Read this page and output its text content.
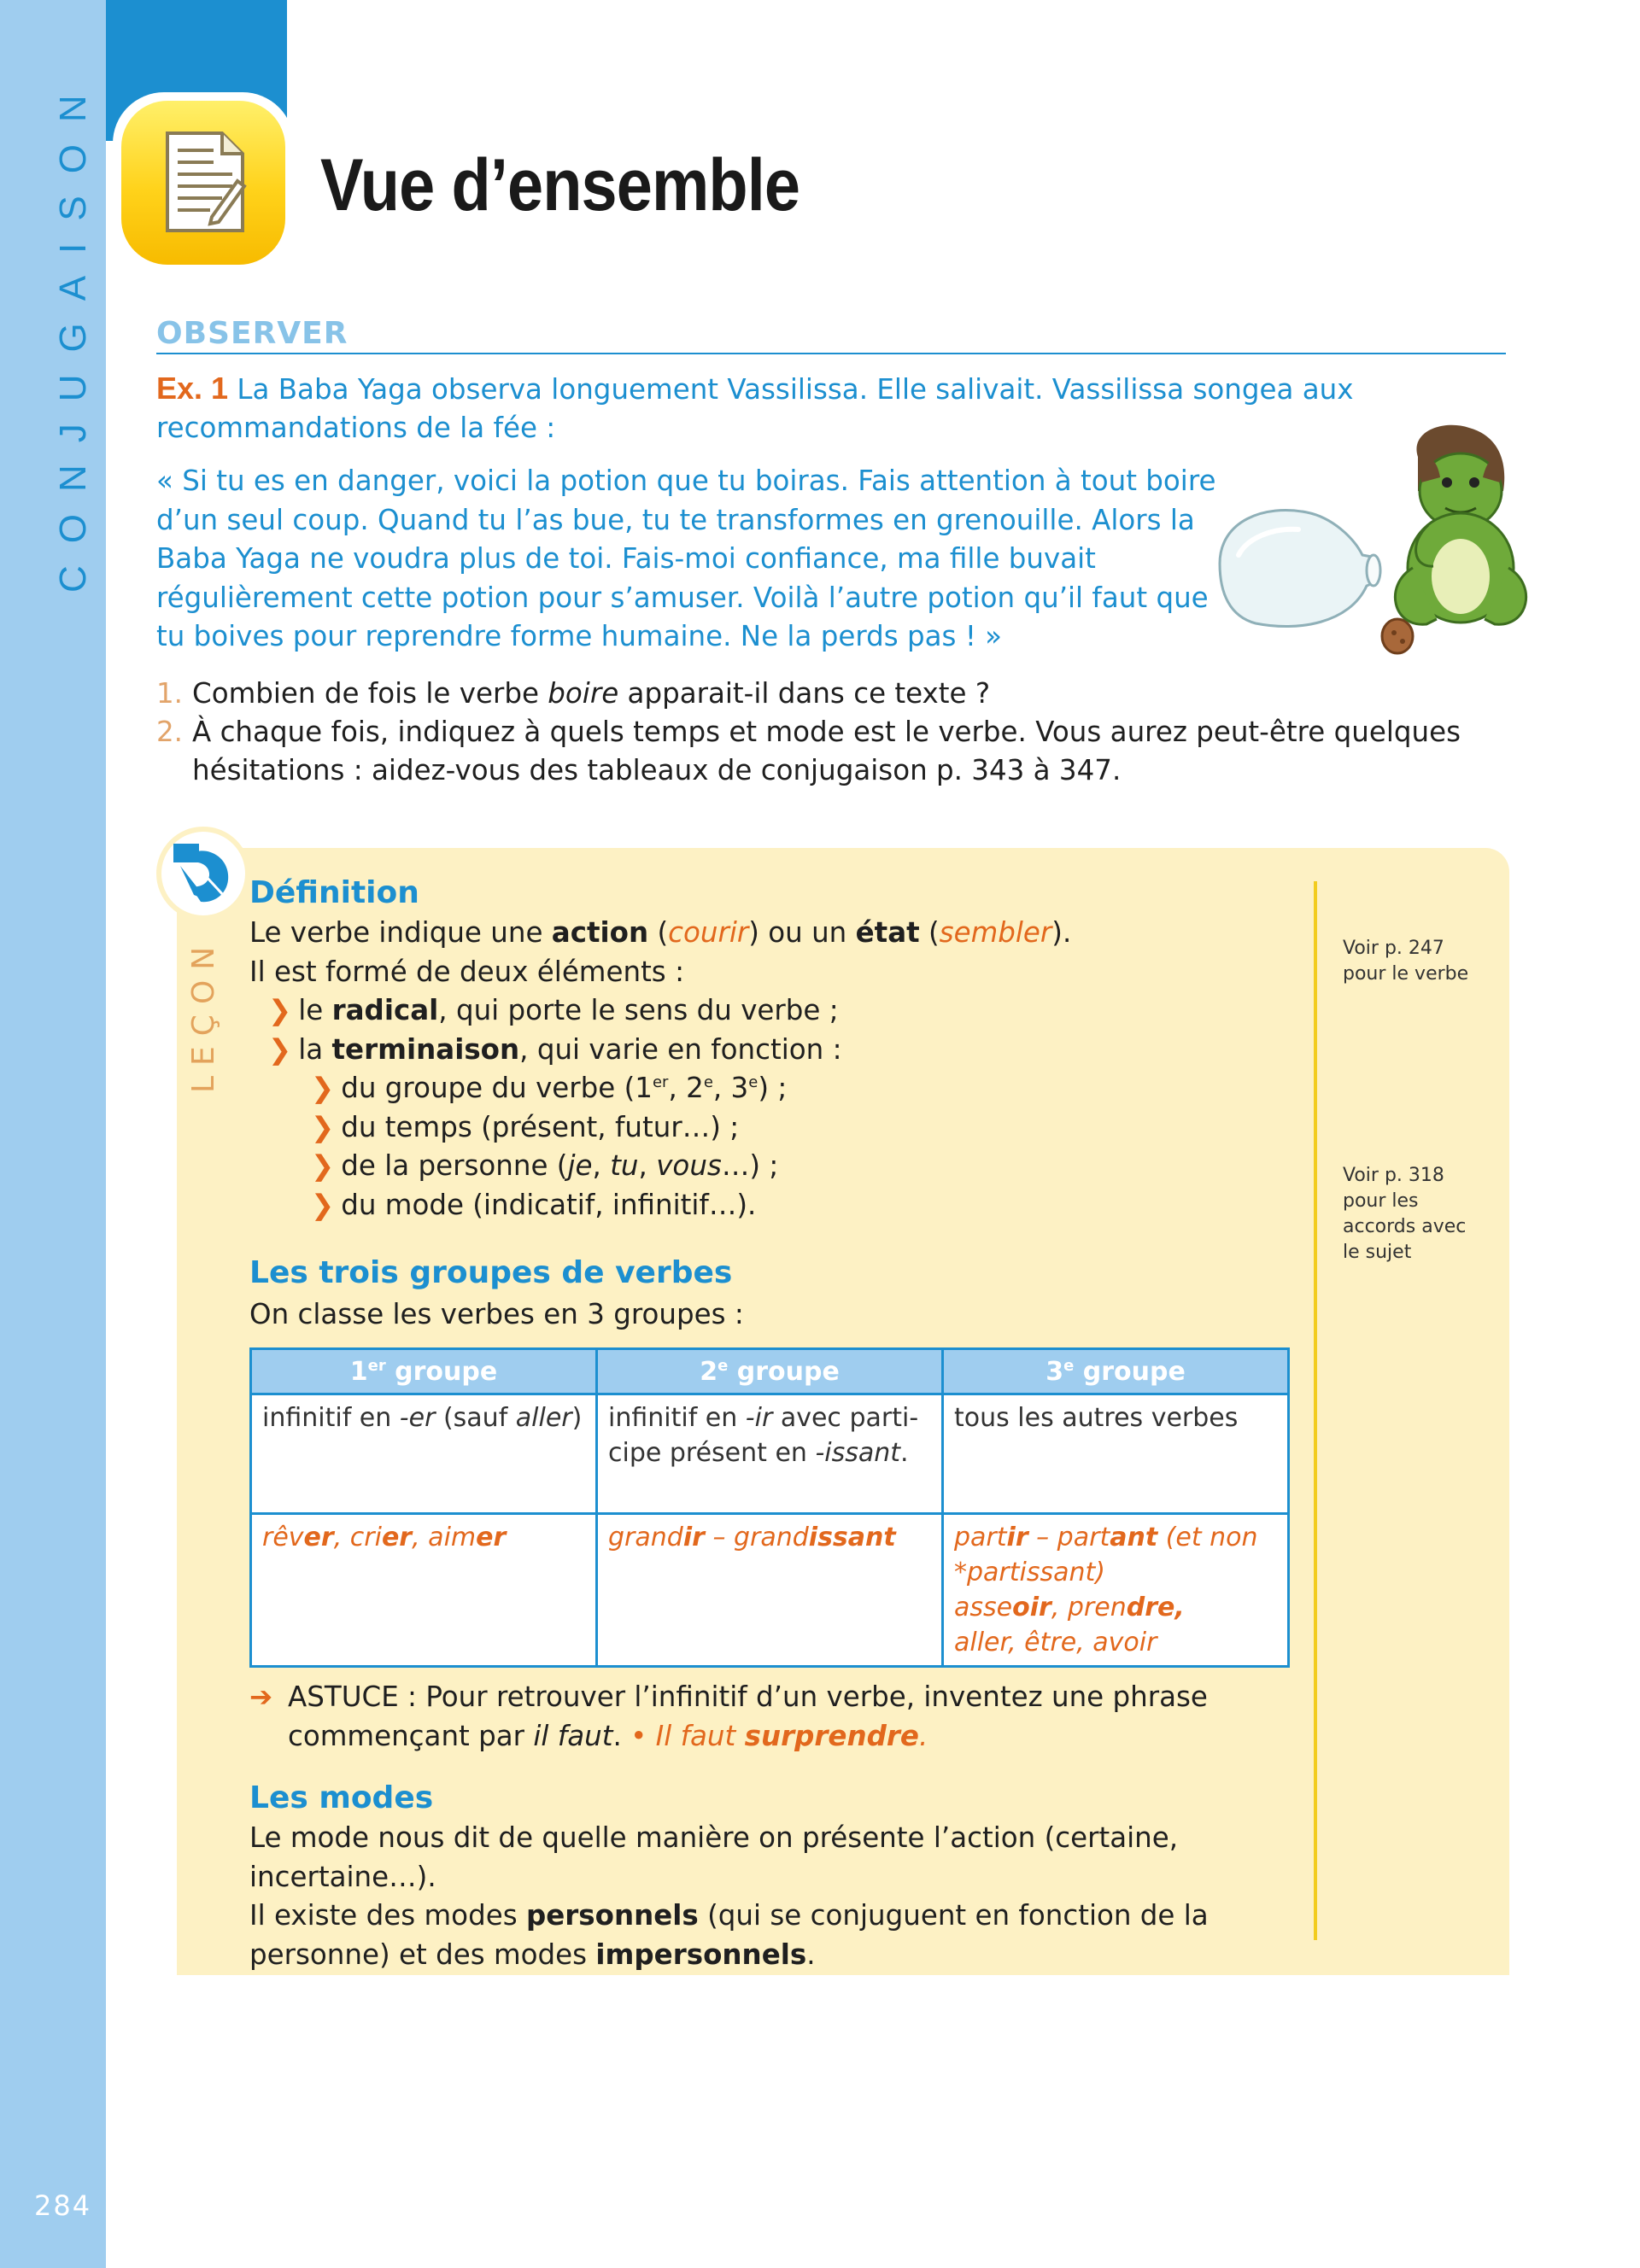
CONJUGAISON
284
Vue d’ensemble
OBSERVER
Ex. 1 La Baba Yaga observa longuement Vassilissa. Elle salivait. Vassilissa songea aux recommandations de la fée :
« Si tu es en danger, voici la potion que tu boiras. Fais attention à tout boire d’un seul coup. Quand tu l’as bue, tu te transformes en grenouille. Alors la Baba Yaga ne voudra plus de toi. Fais-moi confiance, ma fille buvait régulièrement cette potion pour s’amuser. Voilà l’autre potion qu’il faut que tu boives pour reprendre forme humaine. Ne la perds pas ! »
1. Combien de fois le verbe boire apparait-il dans ce texte ?
2. À chaque fois, indiquez à quels temps et mode est le verbe. Vous aurez peut-être quelques hésitations : aidez-vous des tableaux de conjugaison p. 343 à 347.
LEÇON	Voir p. 247 pour le verbe
Voir p. 318 pour les accords avec le sujet
Définition
Le verbe indique une action (courir) ou un état (sembler).
Il est formé de deux éléments :
❯ le radical, qui porte le sens du verbe ;
❯ la terminaison, qui varie en fonction :
❯ du groupe du verbe (1er, 2e, 3e) ;
❯ du temps (présent, futur…) ;
❯ de la personne (je, tu, vous…) ;
❯ du mode (indicatif, infinitif…).
Les trois groupes de verbes
On classe les verbes en 3 groupes :
1er groupe	2e groupe	3e groupe
infinitif en -er (sauf aller)	infinitif en -ir avec parti-cipe présent en -issant.	tous les autres verbes
rêver, crier, aimer	grandir – grandissant	partir – partant (et non *partissant)
asseoir, prendre,
aller, être, avoir
➔ ASTUCE : Pour retrouver l’infinitif d’un verbe, inventez une phrase commençant par il faut. • Il faut surprendre.
Les modes
Le mode nous dit de quelle manière on présente l’action (certaine, incertaine…).
Il existe des modes personnels (qui se conjuguent en fonction de la personne) et des modes impersonnels.
